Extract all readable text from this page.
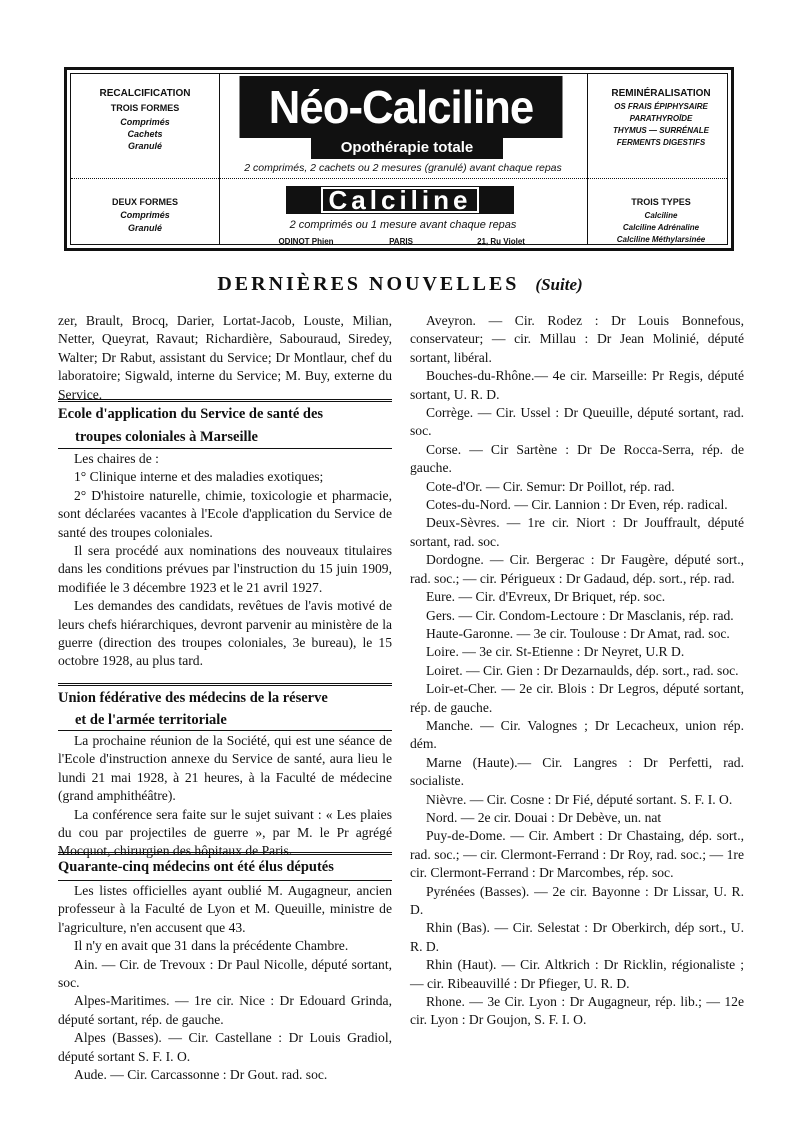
RECALCIFICATION
TROIS FORMES
Comprimés
Cachets
Granulé
Néo-Calciline
Opothérapie totale
2 comprimés, 2 cachets ou 2 mesures (granulé) avant chaque repas
REMINÉRALISATION
OS FRAIS ÉPIPHYSAIRE
PARATHYROÏDE
THYMUS — SURRÉNALE
FERMENTS DIGESTIFS
DEUX FORMES
Comprimés
Granulé
Calciline
2 comprimés ou 1 mesure avant chaque repas
ODINOT Phien	PARIS	21, Ru Violet
TROIS TYPES
Calciline
Calciline Adrénaline
Calciline Méthylarsinée
DERNIÈRES NOUVELLES (Suite)

zer, Brault, Brocq, Darier, Lortat-Jacob, Louste, Milian, Netter, Queyrat, Ravaut; Richardière, Sabouraud, Siredey, Walter; Dr Rabut, assistant du Service; Dr Montlaur, chef du laboratoire; Sigwald, interne du Service; M. Buy, externe du Service.

Ecole d'application du Service de santé des
troupes coloniales à Marseille

Les chaires de :

1° Clinique interne et des maladies exotiques;

2° D'histoire naturelle, chimie, toxicologie et pharmacie, sont déclarées vacantes à l'Ecole d'application du Service de santé des troupes coloniales.

Il sera procédé aux nominations des nouveaux titulaires dans les conditions prévues par l'instruction du 15 juin 1909, modifiée le 3 décembre 1923 et le 21 avril 1927.

Les demandes des candidats, revêtues de l'avis motivé de leurs chefs hiérarchiques, devront parvenir au ministère de la guerre (direction des troupes coloniales, 3e bureau), le 15 octobre 1928, au plus tard.

Union fédérative des médecins de la réserve
et de l'armée territoriale

La prochaine réunion de la Société, qui est une séance de l'Ecole d'instruction annexe du Service de santé, aura lieu le lundi 21 mai 1928, à 21 heures, à la Faculté de médecine (grand amphithéâtre).

La conférence sera faite sur le sujet suivant : « Les plaies du cou par projectiles de guerre », par M. le Pr agrégé Mocquot, chirurgien des hôpitaux de Paris.

Quarante-cinq médecins ont été élus députés

Les listes officielles ayant oublié M. Augagneur, ancien professeur à la Faculté de Lyon et M. Queuille, ministre de l'agriculture, n'en accusent que 43.

Il n'y en avait que 31 dans la précédente Chambre.

Ain. — Cir. de Trevoux : Dr Paul Nicolle, député sortant, soc.

Alpes-Maritimes. — 1re cir. Nice : Dr Edouard Grinda, député sortant, rép. de gauche.

Alpes (Basses). — Cir. Castellane : Dr Louis Gradiol, député sortant S. F. I. O.

Aude. — Cir. Carcassonne : Dr Gout. rad. soc.

Aveyron. — Cir. Rodez : Dr Louis Bonnefous, conservateur; — cir. Millau : Dr Jean Molinié, député sortant, libéral.

Bouches-du-Rhône.— 4e cir. Marseille: Pr Regis, député sortant, U. R. D.

Corrège. — Cir. Ussel : Dr Queuille, député sortant, rad. soc.

Corse. — Cir Sartène : Dr De Rocca-Serra, rép. de gauche.

Cote-d'Or. — Cir. Semur: Dr Poillot, rép. rad.

Cotes-du-Nord. — Cir. Lannion : Dr Even, rép. radical.

Deux-Sèvres. — 1re cir. Niort : Dr Jouffrault, député sortant, rad. soc.

Dordogne. — Cir. Bergerac : Dr Faugère, député sort., rad. soc.; — cir. Périgueux : Dr Gadaud, dép. sort., rép. rad.

Eure. — Cir. d'Evreux, Dr Briquet, rép. soc.

Gers. — Cir. Condom-Lectoure : Dr Masclanis, rép. rad.

Haute-Garonne. — 3e cir. Toulouse : Dr Amat, rad. soc.

Loire. — 3e cir. St-Etienne : Dr Neyret, U.R D.

Loiret. — Cir. Gien : Dr Dezarnaulds, dép. sort., rad. soc.

Loir-et-Cher. — 2e cir. Blois : Dr Legros, député sortant, rép. de gauche.

Manche. — Cir. Valognes ; Dr Lecacheux, union rép. dém.

Marne (Haute).— Cir. Langres : Dr Perfetti, rad. socialiste.

Nièvre. — Cir. Cosne : Dr Fié, député sortant. S. F. I. O.

Nord. — 2e cir. Douai : Dr Debève, un. nat

Puy-de-Dome. — Cir. Ambert : Dr Chastaing, dép. sort., rad. soc.; — cir. Clermont-Ferrand : Dr Roy, rad. soc.; — 1re cir. Clermont-Ferrand : Dr Marcombes, rép. soc.

Pyrénées (Basses). — 2e cir. Bayonne : Dr Lissar, U. R. D.

Rhin (Bas). — Cir. Selestat : Dr Oberkirch, dép sort., U. R. D.

Rhin (Haut). — Cir. Altkrich : Dr Ricklin, régionaliste ; — cir. Ribeauvillé : Dr Pfieger, U. R. D.

Rhone. — 3e Cir. Lyon : Dr Augagneur, rép. lib.; — 12e cir. Lyon : Dr Goujon, S. F. I. O.
